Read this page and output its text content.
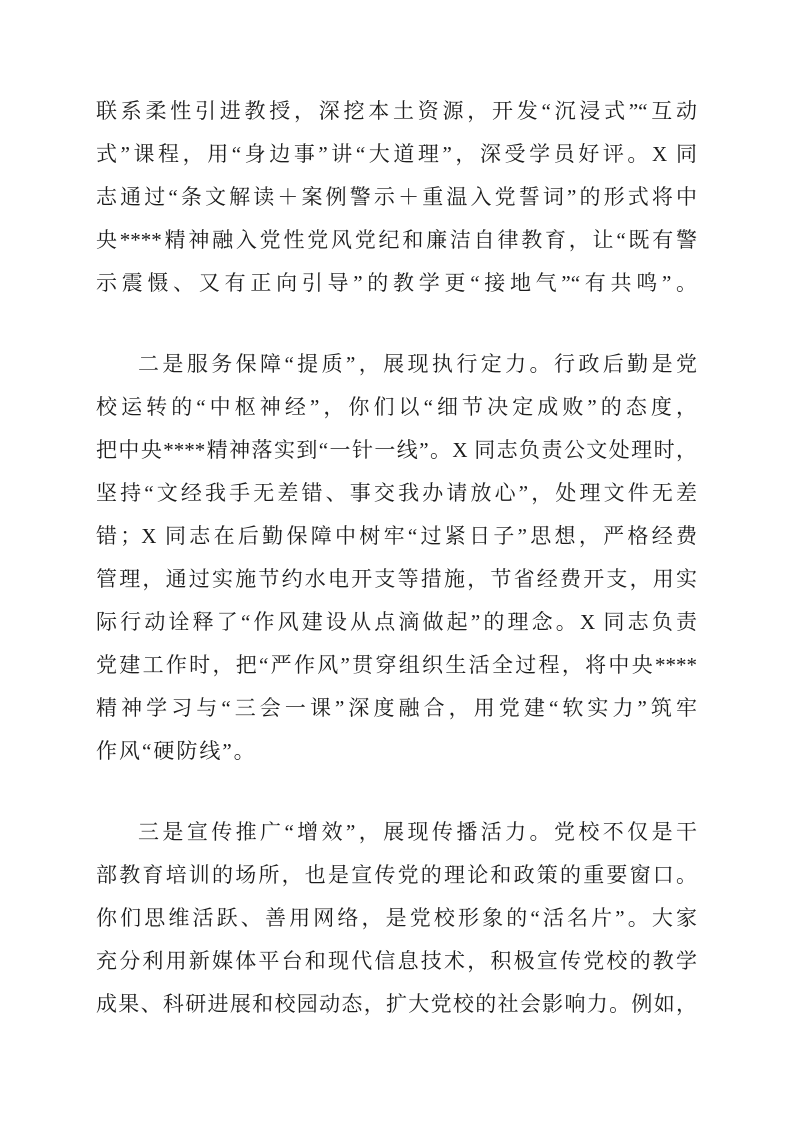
联系柔性引进教授，深挖本土资源，开发“沉浸式”“互动
式”课程，用“身边事”讲“大道理”，深受学员好评。X 同
志通过“条文解读＋案例警示＋重温入党誓词”的形式将中
央****精神融入党性党风党纪和廉洁自律教育，让“既有警
示震慑、又有正向引导”的教学更“接地气”“有共鸣”。

二是服务保障“提质”，展现执行定力。行政后勤是党
校运转的“中枢神经”，你们以“细节决定成败”的态度，
把中央****精神落实到“一针一线”。X 同志负责公文处理时，
坚持“文经我手无差错、事交我办请放心”，处理文件无差
错；X 同志在后勤保障中树牢“过紧日子”思想，严格经费
管理，通过实施节约水电开支等措施，节省经费开支，用实
际行动诠释了“作风建设从点滴做起”的理念。X 同志负责
党建工作时，把“严作风”贯穿组织生活全过程，将中央****
精神学习与“三会一课”深度融合，用党建“软实力”筑牢
作风“硬防线”。

三是宣传推广“增效”，展现传播活力。党校不仅是干
部教育培训的场所，也是宣传党的理论和政策的重要窗口。
你们思维活跃、善用网络，是党校形象的“活名片”。大家
充分利用新媒体平台和现代信息技术，积极宣传党校的教学
成果、科研进展和校园动态，扩大党校的社会影响力。例如，
